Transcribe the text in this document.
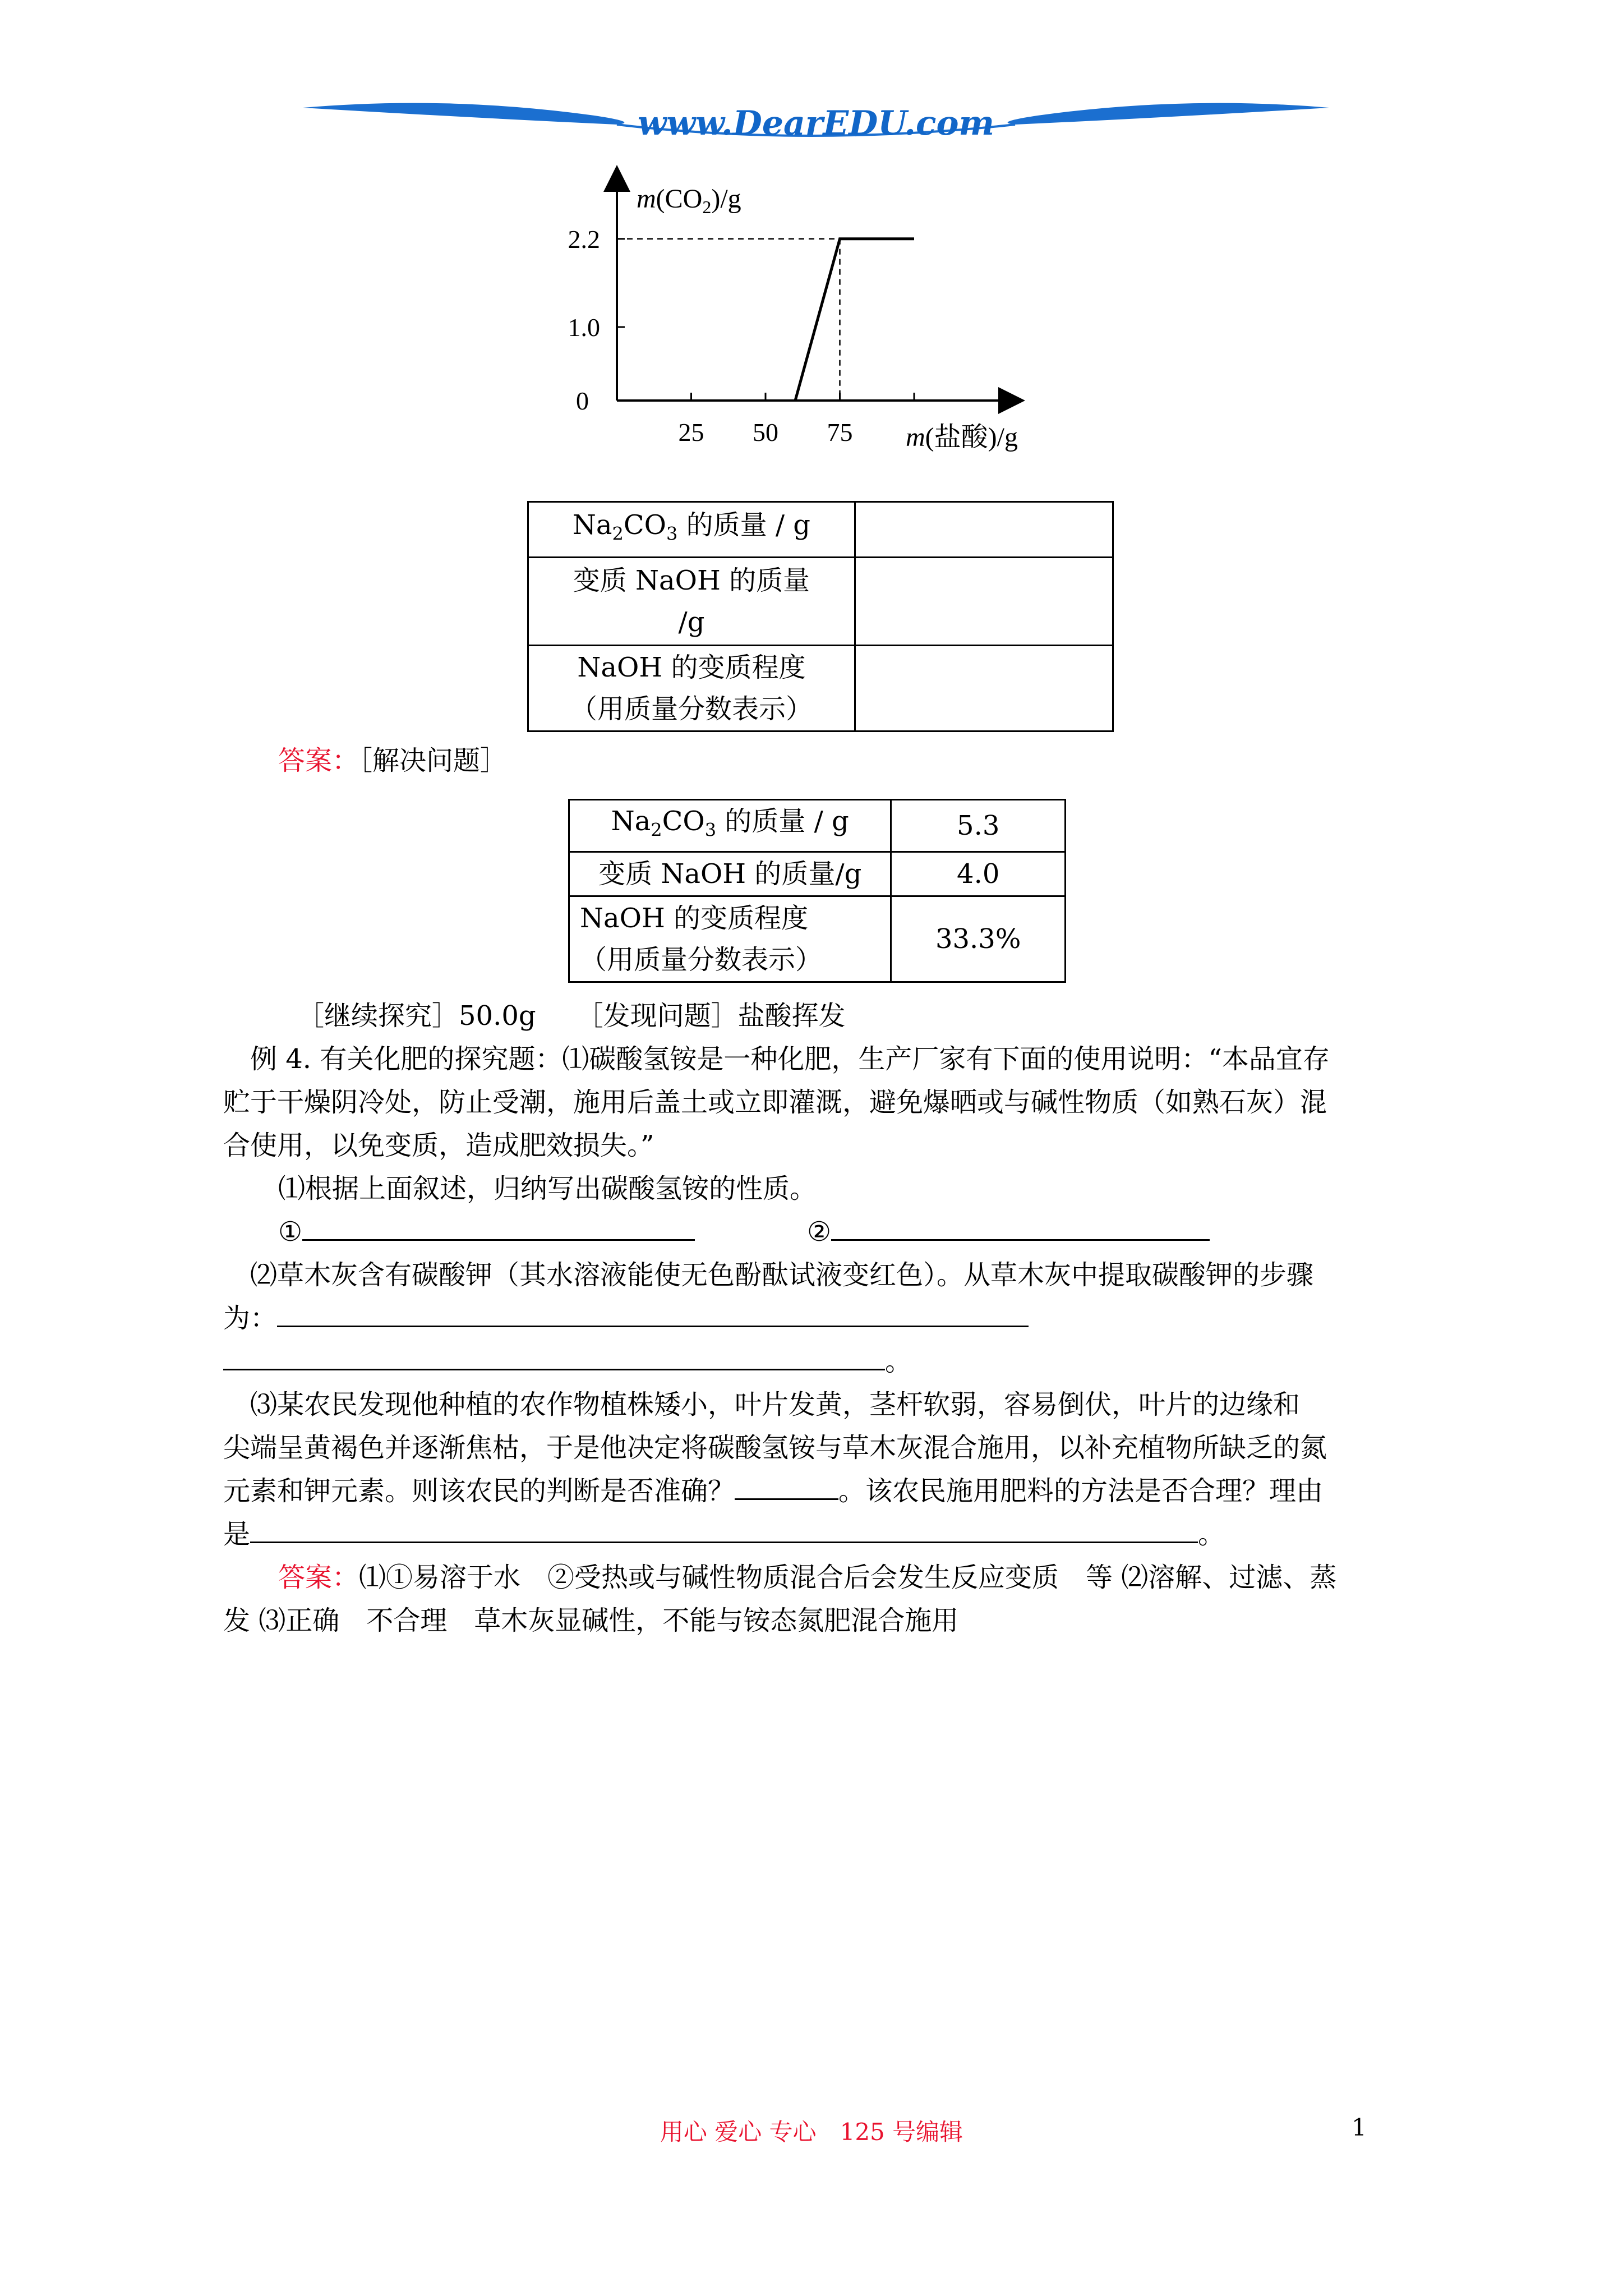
www.DearEDU.com
25 50 75
2.2
1.0
0
$m(CO_2)/g$
m(盐酸)/g
$Na_2CO_3$ 的质量 / g	

变质 NaOH 的质量
/g	

NaOH 的变质程度
（用质量分数表示）	

答案：［解决问题］
$Na_2CO_3$ 的质量 / g	5.3
变质 NaOH 的质量/g	4.0

NaOH 的变质程度
（用质量分数表示）	33.3%
［继续探究］50.0g　　［发现问题］盐酸挥发
例 4. 有关化肥的探究题：⑴碳酸氢铵是一种化肥，生产厂家有下面的使用说明：“本品宜存
贮于干燥阴冷处，防止受潮，施用后盖土或立即灌溉，避免爆晒或与碱性物质（如熟石灰）混
合使用，以免变质，造成肥效损失。”
⑴根据上面叙述，归纳写出碳酸氢铵的性质。
①	②
⑵草木灰含有碳酸钾（其水溶液能使无色酚酞试液变红色）。从草木灰中提取碳酸钾的步骤
为：
。
⑶某农民发现他种植的农作物植株矮小，叶片发黄，茎杆软弱，容易倒伏，叶片的边缘和
尖端呈黄褐色并逐渐焦枯，于是他决定将碳酸氢铵与草木灰混合施用，以补充植物所缺乏的氮
元素和钾元素。则该农民的判断是否准确？	。该农民施用肥料的方法是否合理？理由
是	。
答案：⑴①易溶于水　②受热或与碱性物质混合后会发生反应变质　等 ⑵溶解、过滤、蒸
发 ⑶正确　不合理　草木灰显碱性，不能与铵态氮肥混合施用
用心 爱心 专心　125 号编辑	1
